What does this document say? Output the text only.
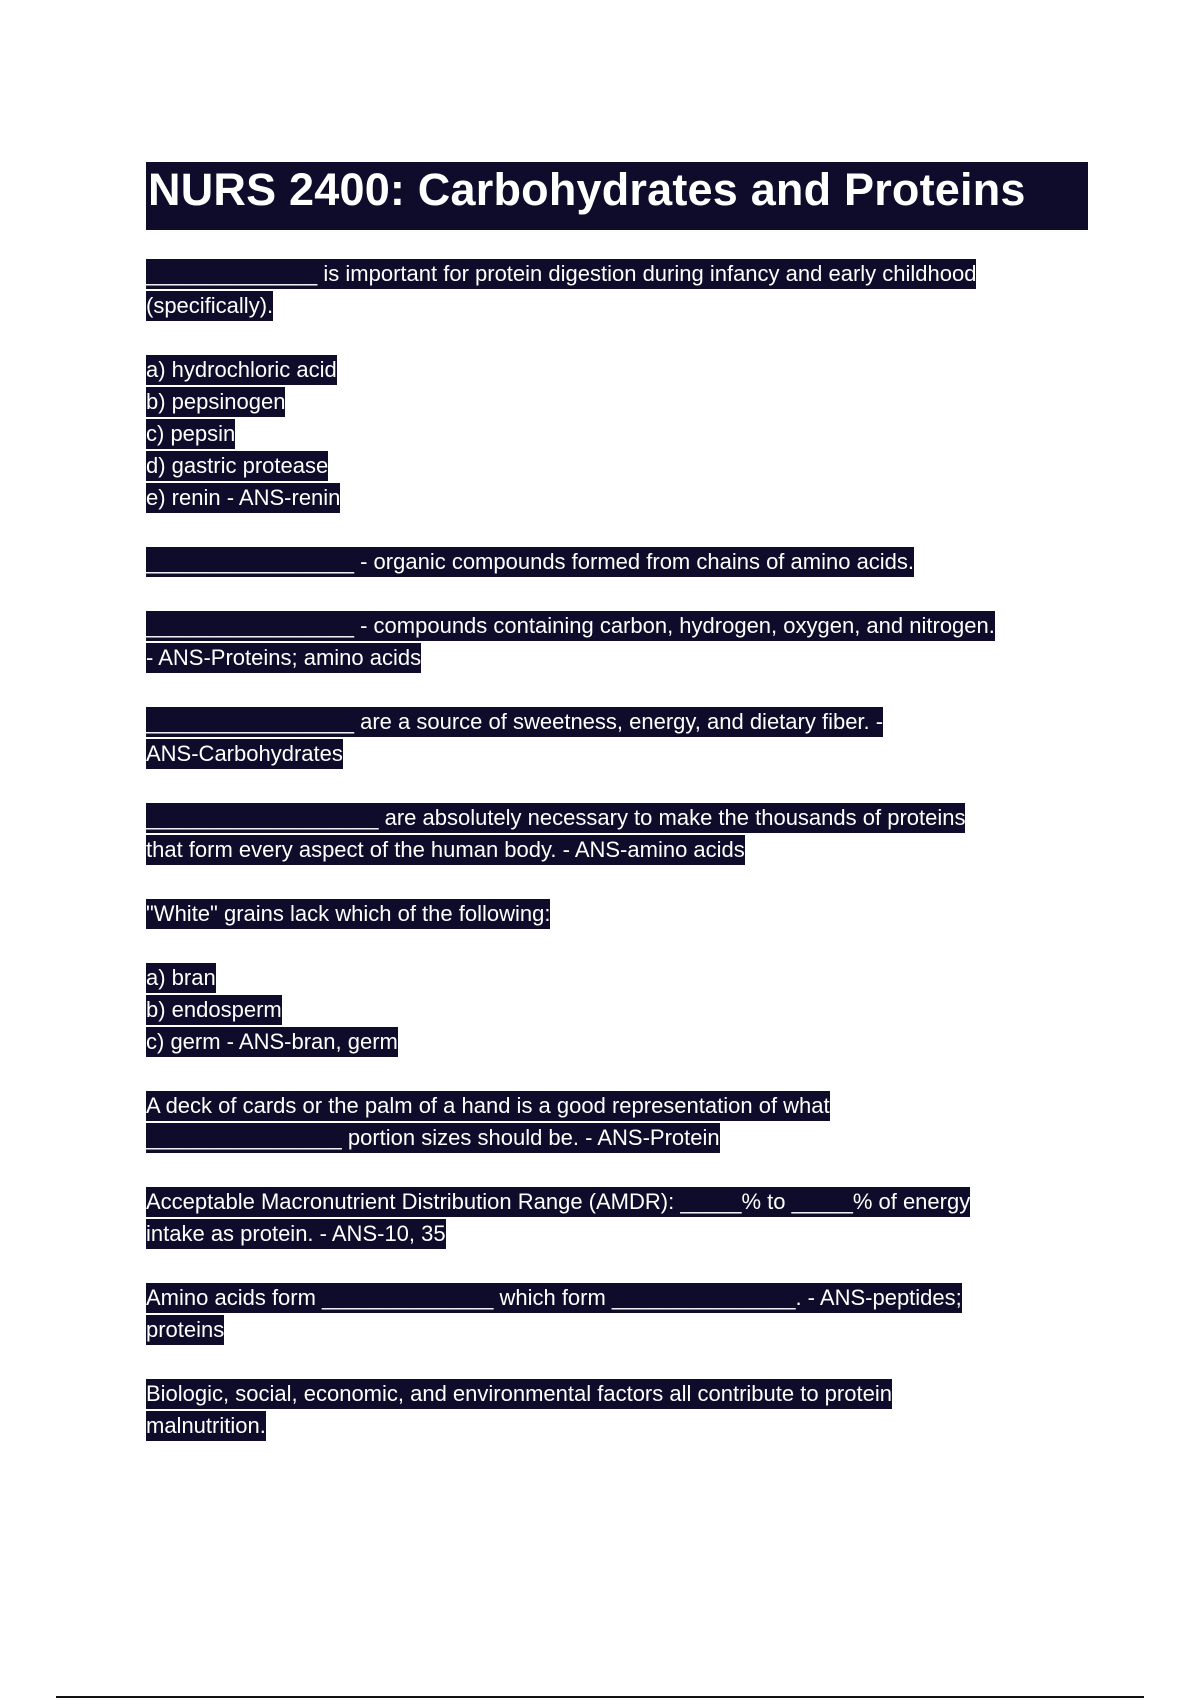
NURS 2400: Carbohydrates and Proteins
______________ is important for protein digestion during infancy and early childhood
(specifically).
a) hydrochloric acid
b) pepsinogen
c) pepsin
d) gastric protease
e) renin - ANS-renin
_________________ - organic compounds formed from chains of amino acids.
_________________ - compounds containing carbon, hydrogen, oxygen, and nitrogen.
- ANS-Proteins; amino acids
_________________ are a source of sweetness, energy, and dietary fiber. -
ANS-Carbohydrates
___________________ are absolutely necessary to make the thousands of proteins
that form every aspect of the human body. - ANS-amino acids
"White" grains lack which of the following:
a) bran
b) endosperm
c) germ - ANS-bran, germ
A deck of cards or the palm of a hand is a good representation of what
________________ portion sizes should be. - ANS-Protein
Acceptable Macronutrient Distribution Range (AMDR): _____% to _____% of energy
intake as protein. - ANS-10, 35
Amino acids form ______________ which form _______________. - ANS-peptides;
proteins
Biologic, social, economic, and environmental factors all contribute to protein
malnutrition.
